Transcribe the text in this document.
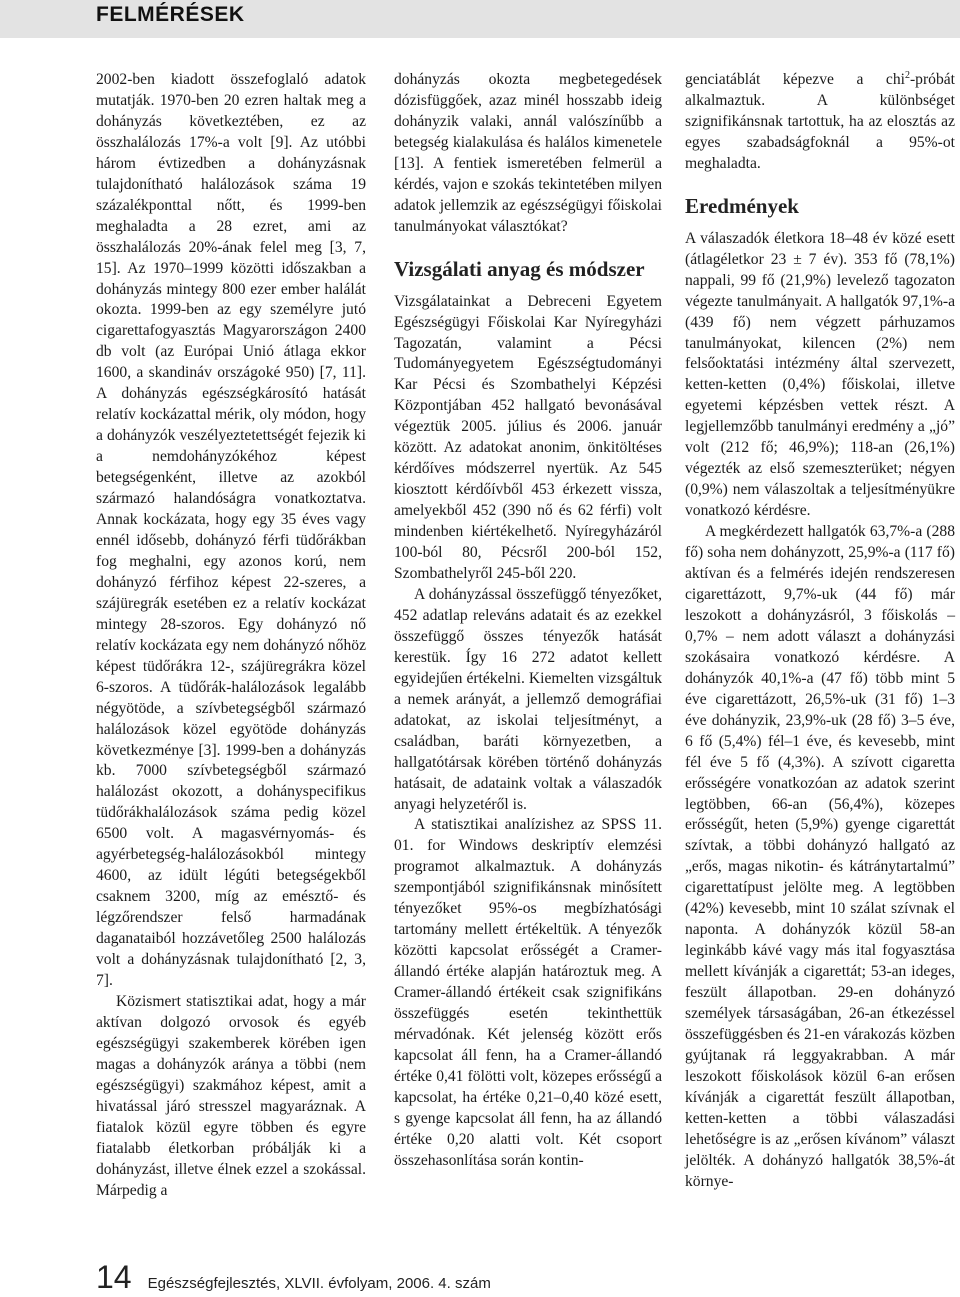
FELMÉRÉSEK

2002-ben kiadott összefoglaló adatok mutatják. 1970-ben 20 ezren haltak meg a dohányzás következtében, ez az összhalálozás 17%-a volt [9]. Az utóbbi három évtizedben a dohányzásnak tulajdonítható halálozások száma 19 százalékponttal nőtt, és 1999-ben meghaladta a 28 ezret, ami az összhalálozás 20%-ának felel meg [3, 7, 15]. Az 1970–1999 közötti időszakban a dohányzás mintegy 800 ezer ember halálát okozta. 1999-ben az egy személyre jutó cigarettafogyasztás Magyarországon 2400 db volt (az Európai Unió átlaga ekkor 1600, a skandináv országoké 950) [7, 11]. A dohányzás egészségkárosító hatását relatív kockázattal mérik, oly módon, hogy a dohányzók veszélyeztetettségét fejezik ki a nemdohányzókéhoz képest betegségenként, illetve az azokból származó halandóságra vonatkoztatva. Annak kockázata, hogy egy 35 éves vagy ennél idősebb, dohányzó férfi tüdőrákban fog meghalni, egy azonos korú, nem dohányzó férfihoz képest 22-szeres, a szájüregrák esetében ez a relatív kockázat mintegy 28-szoros. Egy dohányzó nő relatív kockázata egy nem dohányzó nőhöz képest tüdőrákra 12-, szájüregrákra közel 6-szoros. A tüdőrák-halálozások legalább négyötöde, a szívbetegségből származó halálozások közel egyötöde dohányzás következménye [3]. 1999-ben a dohányzás kb. 7000 szívbetegségből származó halálozást okozott, a dohányspecifikus tüdőrákhalálozások száma pedig közel 6500 volt. A magasvérnyomás- és agyérbetegség-halálozásokból mintegy 4600, az idült légúti betegségekből csaknem 3200, míg az emésztő- és légzőrendszer felső harmadának daganataiból hozzávetőleg 2500 halálozás volt a dohányzásnak tulajdonítható [2, 3, 7].

Közismert statisztikai adat, hogy a már aktívan dolgozó orvosok és egyéb egészségügyi szakemberek körében igen magas a dohányzók aránya a többi (nem egészségügyi) szakmához képest, amit a hivatással járó stresszel magyaráznak. A fiatalok közül egyre többen és egyre fiatalabb életkorban próbálják ki a dohányzást, illetve élnek ezzel a szokással. Márpedig a

dohányzás okozta megbetegedések dózisfüggőek, azaz minél hosszabb ideig dohányzik valaki, annál valószínűbb a betegség kialakulása és halálos kimenetele [13]. A fentiek ismeretében felmerül a kérdés, vajon e szokás tekintetében milyen adatok jellemzik az egészségügyi főiskolai tanulmányokat választókat?

Vizsgálati anyag és módszer

Vizsgálatainkat a Debreceni Egyetem Egészségügyi Főiskolai Kar Nyíregyházi Tagozatán, valamint a Pécsi Tudományegyetem Egészségtudományi Kar Pécsi és Szombathelyi Képzési Központjában 452 hallgató bevonásával végeztük 2005. július és 2006. január között. Az adatokat anonim, önkitöltéses kérdőíves módszerrel nyertük. Az 545 kiosztott kérdőívből 453 érkezett vissza, amelyekből 452 (390 nő és 62 férfi) volt mindenben kiértékelhető. Nyíregyházáról 100-ból 80, Pécsről 200-ból 152, Szombathelyről 245-ből 220.

A dohányzással összefüggő tényezőket, 452 adatlap releváns adatait és az ezekkel összefüggő összes tényezők hatását kerestük. Így 16 272 adatot kellett egyidejűen értékelni. Kiemelten vizsgáltuk a nemek arányát, a jellemző demográfiai adatokat, az iskolai teljesítményt, a családban, baráti környezetben, a hallgatótársak körében történő dohányzás hatásait, de adataink voltak a válaszadók anyagi helyzetéről is.

A statisztikai analízishez az SPSS 11. 01. for Windows deskriptív elemzési programot alkalmaztuk. A dohányzás szempontjából szignifikánsnak minősített tényezőket 95%-os megbízhatósági tartomány mellett értékeltük. A tényezők közötti kapcsolat erősségét a Cramer-állandó értéke alapján határoztuk meg. A Cramer-állandó értékeit csak szignifikáns összefüggés esetén tekinthettük mérvadónak. Két jelenség között erős kapcsolat áll fenn, ha a Cramer-állandó értéke 0,41 fölötti volt, közepes erősségű a kapcsolat, ha értéke 0,21–0,40 közé esett, s gyenge kapcsolat áll fenn, ha az állandó értéke 0,20 alatti volt. Két csoport összehasonlítása során kontin-

genciatáblát képezve a chi$^2$-próbát alkalmaztuk. A különbséget szignifikánsnak tartottuk, ha az elosztás az egyes szabadságfoknál a 95%-ot meghaladta.

Eredmények

A válaszadók életkora 18–48 év közé esett (átlagéletkor 23 ± 7 év). 353 fő (78,1%) nappali, 99 fő (21,9%) levelező tagozaton végezte tanulmányait. A hallgatók 97,1%-a (439 fő) nem végzett párhuzamos tanulmányokat, kilencen (2%) nem felsőoktatási intézmény által szervezett, ketten-ketten (0,4%) főiskolai, illetve egyetemi képzésben vettek részt. A legjellemzőbb tanulmányi eredmény a „jó” volt (212 fő; 46,9%); 118-an (26,1%) végezték az első szemeszterüket; négyen (0,9%) nem válaszoltak a teljesítményükre vonatkozó kérdésre.

A megkérdezett hallgatók 63,7%-a (288 fő) soha nem dohányzott, 25,9%-a (117 fő) aktívan és a felmérés idején rendszeresen cigarettázott, 9,7%-uk (44 fő) már leszokott a dohányzásról, 3 főiskolás – 0,7% – nem adott választ a dohányzási szokásaira vonatkozó kérdésre. A dohányzók 40,1%-a (47 fő) több mint 5 éve cigarettázott, 26,5%-uk (31 fő) 1–3 éve dohányzik, 23,9%-uk (28 fő) 3–5 éve, 6 fő (5,4%) fél–1 éve, és kevesebb, mint fél éve 5 fő (4,3%). A szívott cigaretta erősségére vonatkozóan az adatok szerint legtöbben, 66-an (56,4%), közepes erősségűt, heten (5,9%) gyenge cigarettát szívtak, a többi dohányzó hallgató az „erős, magas nikotin- és kátránytartalmú” cigarettatípust jelölte meg. A legtöbben (42%) kevesebb, mint 10 szálat szívnak el naponta. A dohányzók közül 58-an leginkább kávé vagy más ital fogyasztása mellett kívánják a cigarettát; 53-an ideges, feszült állapotban. 29-en dohányzó személyek társaságában, 26-an étkezéssel összefüggésben és 21-en várakozás közben gyújtanak rá leggyakrabban. A már leszokott főiskolások közül 6-an erősen kívánják a cigarettát feszült állapotban, ketten-ketten a többi válaszadási lehetőségre is az „erősen kívánom” választ jelölték. A dohányzó hallgatók 38,5%-át környe-

14 Egészségfejlesztés, XLVII. évfolyam, 2006. 4. szám
